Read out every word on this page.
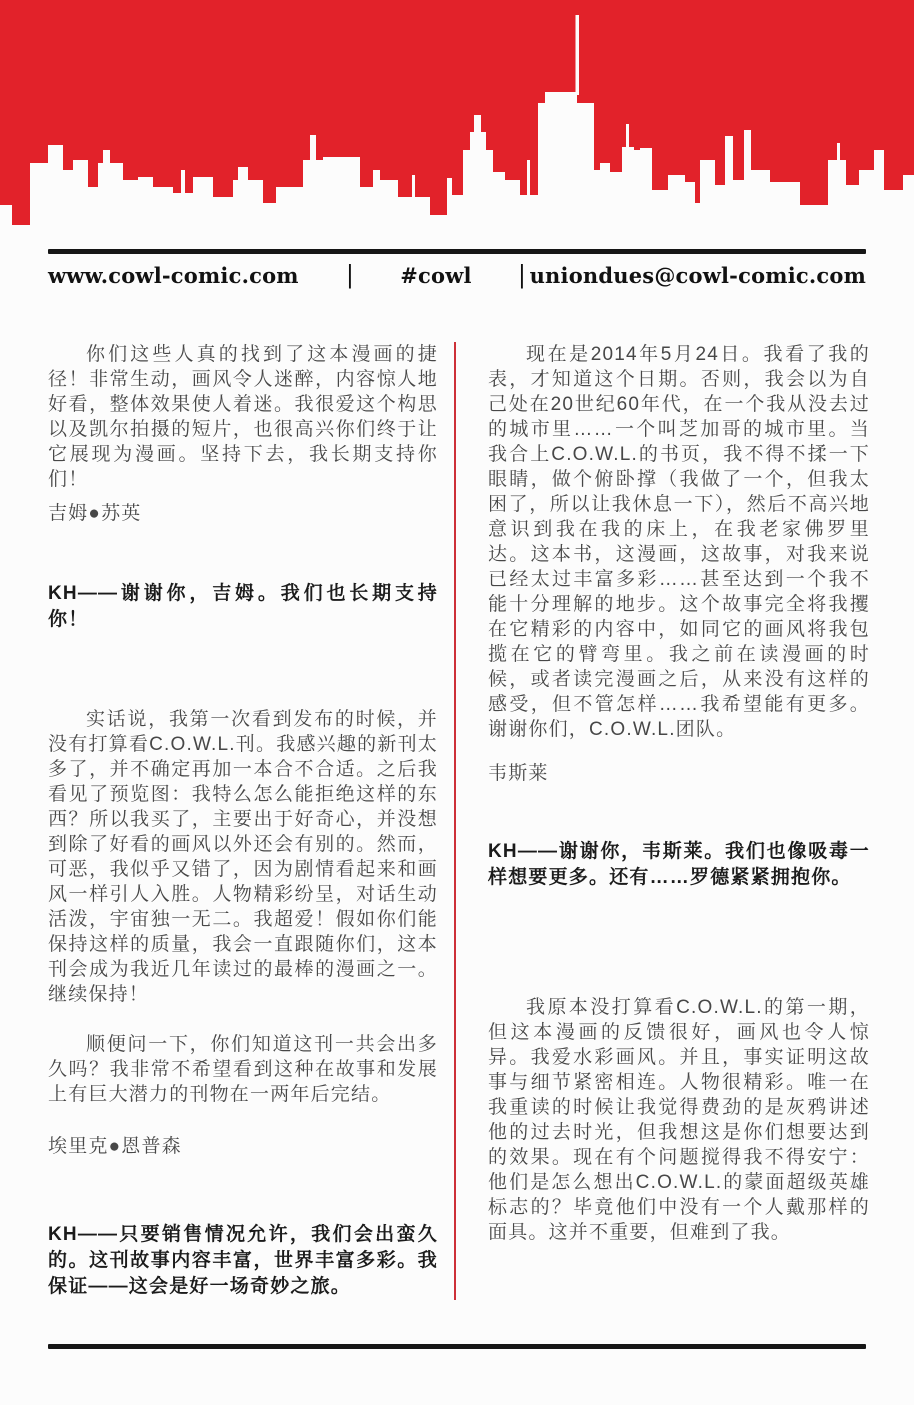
www.cowl-comic.com	|	#cowl	| uniondues@cowl-comic.com

你们这些人真的找到了这本漫画的捷径！非常生动，画风令人迷醉，内容惊人地好看，整体效果使人着迷。我很爱这个构思以及凯尔拍摄的短片，也很高兴你们终于让它展现为漫画。坚持下去，我长期支持你们！

吉姆●苏英

KH——谢谢你，吉姆。我们也长期支持你！

实话说，我第一次看到发布的时候，并没有打算看C.O.W.L.刊。我感兴趣的新刊太多了，并不确定再加一本合不合适。之后我看见了预览图：我特么怎么能拒绝这样的东西？所以我买了，主要出于好奇心，并没想到除了好看的画风以外还会有别的。然而，可恶，我似乎又错了，因为剧情看起来和画风一样引人入胜。人物精彩纷呈，对话生动活泼，宇宙独一无二。我超爱！假如你们能保持这样的质量，我会一直跟随你们，这本刊会成为我近几年读过的最棒的漫画之一。继续保持！

顺便问一下，你们知道这刊一共会出多久吗？我非常不希望看到这种在故事和发展上有巨大潜力的刊物在一两年后完结。

埃里克●恩普森

KH——只要销售情况允许，我们会出蛮久的。这刊故事内容丰富，世界丰富多彩。我保证——这会是好一场奇妙之旅。

现在是2014年5月24日。我看了我的表，才知道这个日期。否则，我会以为自己处在20世纪60年代，在一个我从没去过的城市里……一个叫芝加哥的城市里。当我合上C.O.W.L.的书页，我不得不揉一下眼睛，做个俯卧撑（我做了一个，但我太困了，所以让我休息一下），然后不高兴地意识到我在我的床上，在我老家佛罗里达。这本书，这漫画，这故事，对我来说已经太过丰富多彩……甚至达到一个我不能十分理解的地步。这个故事完全将我攫在它精彩的内容中，如同它的画风将我包揽在它的臂弯里。我之前在读漫画的时候，或者读完漫画之后，从来没有这样的感受，但不管怎样……我希望能有更多。谢谢你们，C.O.W.L.团队。

韦斯莱

KH——谢谢你，韦斯莱。我们也像吸毒一样想要更多。还有……罗德紧紧拥抱你。

我原本没打算看C.O.W.L.的第一期，但这本漫画的反馈很好，画风也令人惊异。我爱水彩画风。并且，事实证明这故事与细节紧密相连。人物很精彩。唯一在我重读的时候让我觉得费劲的是灰鸦讲述他的过去时光，但我想这是你们想要达到的效果。现在有个问题搅得我不得安宁：他们是怎么想出C.O.W.L.的蒙面超级英雄标志的？毕竟他们中没有一个人戴那样的面具。这并不重要，但难到了我。
